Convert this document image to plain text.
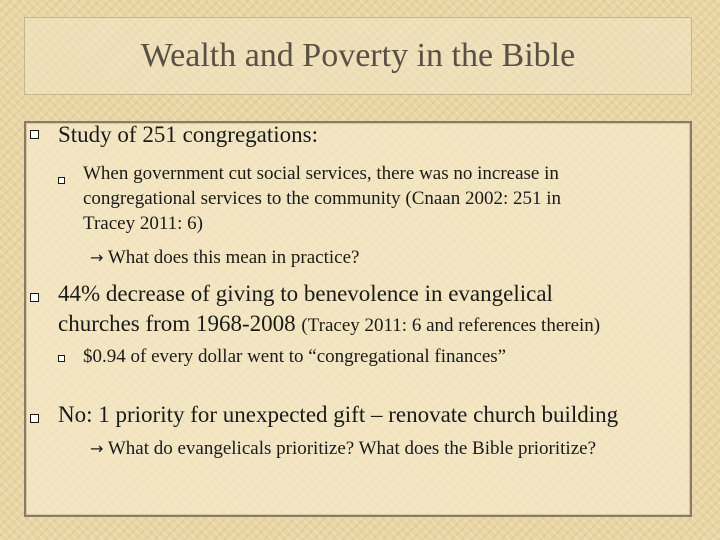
Wealth and Poverty in the Bible
Study of 251 congregations:
When government cut social services, there was no increase in
congregational services to the community (Cnaan 2002: 251 in
Tracey 2011: 6)
→ What does this mean in practice?
44% decrease of giving to benevolence in evangelical
churches from 1968-2008 (Tracey 2011: 6 and references therein)
$0.94 of every dollar went to “congregational finances”
No: 1 priority for unexpected gift – renovate church building
→ What do evangelicals prioritize? What does the Bible prioritize?
